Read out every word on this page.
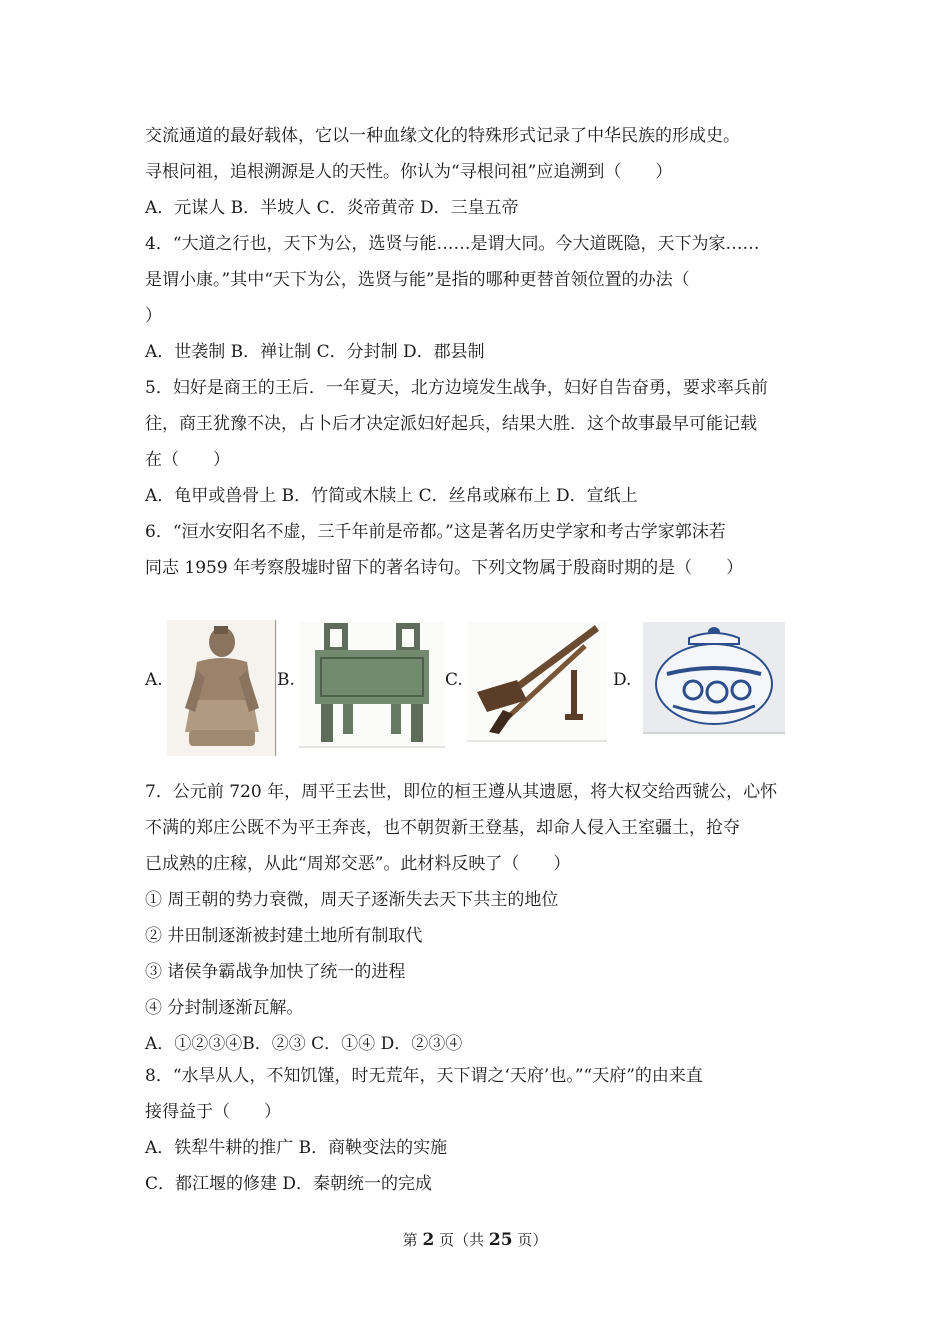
交流通道的最好载体，它以一种血缘文化的特殊形式记录了中华民族的形成史。
寻根问祖，追根溯源是人的天性。你认为“寻根问祖”应追溯到（　　）
A．元谋人 B．半坡人 C．炎帝黄帝 D．三皇五帝
4．“大道之行也，天下为公，选贤与能……是谓大同。今大道既隐，天下为家……
是谓小康。”其中“天下为公，选贤与能”是指的哪种更替首领位置的办法（
）
A．世袭制 B．禅让制 C．分封制 D．郡县制
5．妇好是商王的王后．一年夏天，北方边境发生战争，妇好自告奋勇，要求率兵前
往，商王犹豫不决，占卜后才决定派妇好起兵，结果大胜．这个故事最早可能记载
在（　　）
A．龟甲或兽骨上 B．竹简或木牍上 C．丝帛或麻布上 D．宣纸上
6．“洹水安阳名不虚，三千年前是帝都。”这是著名历史学家和考古学家郭沫若
同志 1959 年考察殷墟时留下的著名诗句。下列文物属于殷商时期的是（　　）
A.	B.	C.	D.
7．公元前 720 年，周平王去世，即位的桓王遵从其遗愿，将大权交给西虢公，心怀
不满的郑庄公既不为平王奔丧，也不朝贺新王登基，却命人侵入王室疆土，抢夺
已成熟的庄稼，从此“周郑交恶”。此材料反映了（　　）
① 周王朝的势力衰微，周天子逐渐失去天下共主的地位
② 井田制逐渐被封建土地所有制取代
③ 诸侯争霸战争加快了统一的进程
④ 分封制逐渐瓦解。
A．①②③④B．②③ C．①④ D．②③④
8．“水旱从人，不知饥馑，时无荒年，天下谓之‘天府’也。”“天府”的由来直
接得益于（　　）
A．铁犁牛耕的推广 B．商鞅变法的实施
C．都江堰的修建 D．秦朝统一的完成
第 2 页（共 25 页）
